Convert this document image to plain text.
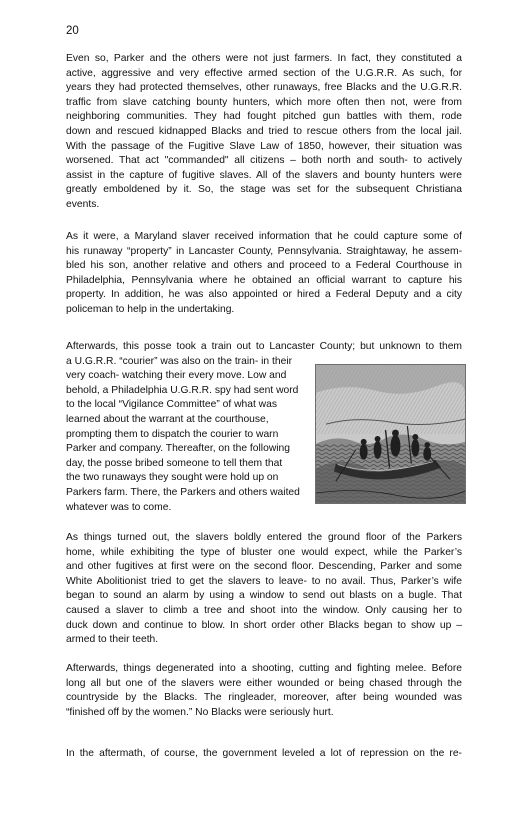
20
Even so, Parker and the others were not just farmers. In fact, they constituted a
active, aggressive and very effective armed section of the U.G.R.R. As such, for
years they had protected themselves, other runaways, free Blacks and the U.G.R.R.
traffic from slave catching bounty hunters, which more often then not, were from
neighboring communities. They had fought pitched gun battles with them, rode
down and rescued kidnapped Blacks and tried to rescue others from the local jail.
With the passage of the Fugitive Slave Law of 1850, however, their situation was
worsened. That act "commanded" all citizens – both north and south- to actively
assist in the capture of fugitive slaves. All of the slavers and bounty hunters were
greatly emboldened by it. So, the stage was set for the subsequent Christiana
events.
As it were, a Maryland slaver received information that he could capture some of
his runaway “property” in Lancaster County, Pennsylvania. Straightaway, he assem-
bled his son, another relative and others and proceed to a Federal Courthouse in
Philadelphia, Pennsylvania where he obtained an official warrant to capture his
property. In addition, he was also appointed or hired a Federal Deputy and a city
policeman to help in the undertaking.
Afterwards, this posse took a train out to Lancaster County; but unknown to them
a U.G.R.R. “courier” was also on the train- in their
very coach- watching their every move. Low and
behold, a Philadelphia U.G.R.R. spy had sent word
to the local “Vigilance Committee” of what was
learned about the warrant at the courthouse,
prompting them to dispatch the courier to warn
Parker and company. Thereafter, on the following
day, the posse bribed someone to tell them that
the two runaways they sought were hold up on
Parkers farm. There, the Parkers and others waited
whatever was to come.
As things turned out, the slavers boldly entered the ground floor of the Parkers
home, while exhibiting the type of bluster one would expect, while the Parker’s
and other fugitives at first were on the second floor. Descending, Parker and some
White Abolitionist tried to get the slavers to leave- to no avail. Thus, Parker’s wife
began to sound an alarm by using a window to send out blasts on a bugle. That
caused a slaver to climb a tree and shoot into the window. Only causing her to
duck down and continue to blow. In short order other Blacks began to show up –
armed to their teeth.
Afterwards, things degenerated into a shooting, cutting and fighting melee. Before
long all but one of the slavers were either wounded or being chased through the
countryside by the Blacks. The ringleader, moreover, after being wounded was
“finished off by the women.” No Blacks were seriously hurt.
In the aftermath, of course, the government leveled a lot of repression on the re-
